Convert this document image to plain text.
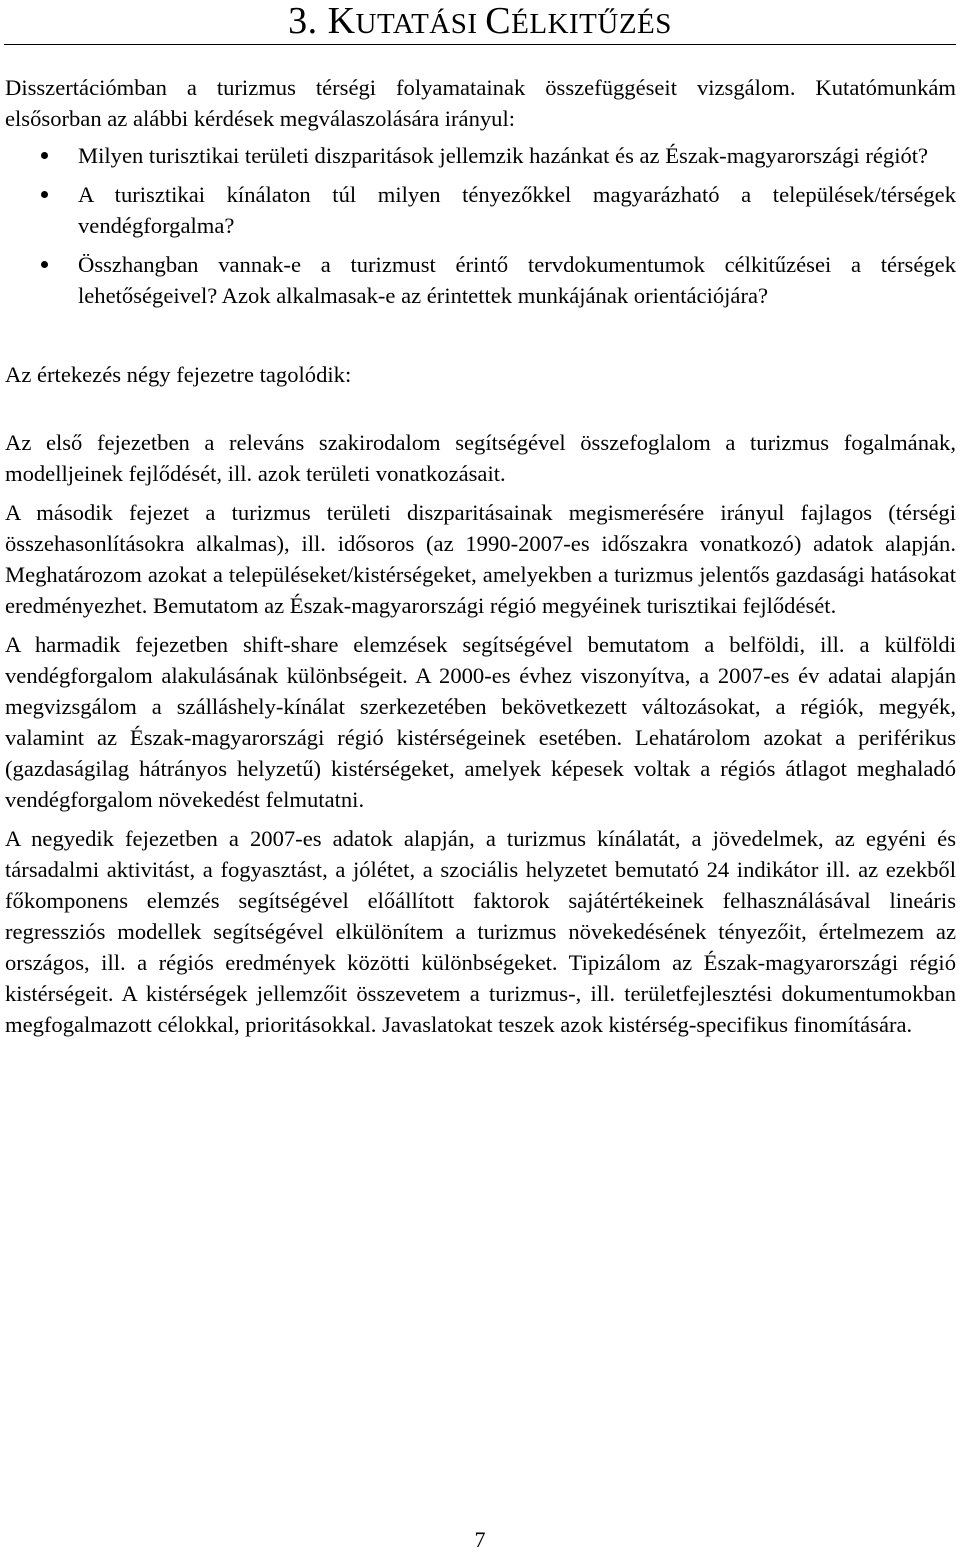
3. KUTATÁSI CÉLKITŰZÉS

Disszertációmban a turizmus térségi folyamatainak összefüggéseit vizsgálom. Kutatómunkám elsősorban az alábbi kérdések megválaszolására irányul:

Milyen turisztikai területi diszparitások jellemzik hazánkat és az Észak-magyarországi régiót?
A turisztikai kínálaton túl milyen tényezőkkel magyarázható a települések/térségek vendégforgalma?
Összhangban vannak-e a turizmust érintő tervdokumentumok célkitűzései a térségek lehetőségeivel? Azok alkalmasak-e az érintettek munkájának orientációjára?

Az értekezés négy fejezetre tagolódik:

Az első fejezetben a releváns szakirodalom segítségével összefoglalom a turizmus fogalmának, modelljeinek fejlődését, ill. azok területi vonatkozásait.

A második fejezet a turizmus területi diszparitásainak megismerésére irányul fajlagos (térségi összehasonlításokra alkalmas), ill. idősoros (az 1990-2007-es időszakra vonatkozó) adatok alapján. Meghatározom azokat a településeket/kistérségeket, amelyekben a turizmus jelentős gazdasági hatásokat eredményezhet. Bemutatom az Észak-magyarországi régió megyéinek turisztikai fejlődését.

A harmadik fejezetben shift-share elemzések segítségével bemutatom a belföldi, ill. a külföldi vendégforgalom alakulásának különbségeit. A 2000-es évhez viszonyítva, a 2007-es év adatai alapján megvizsgálom a szálláshely-kínálat szerkezetében bekövetkezett változásokat, a régiók, megyék, valamint az Észak-magyarországi régió kistérségeinek esetében. Lehatárolom azokat a periférikus (gazdaságilag hátrányos helyzetű) kistérségeket, amelyek képesek voltak a régiós átlagot meghaladó vendégforgalom növekedést felmutatni.

A negyedik fejezetben a 2007-es adatok alapján, a turizmus kínálatát, a jövedelmek, az egyéni és társadalmi aktivitást, a fogyasztást, a jólétet, a szociális helyzetet bemutató 24 indikátor ill. az ezekből főkomponens elemzés segítségével előállított faktorok sajátértékeinek felhasználásával lineáris regressziós modellek segítségével elkülönítem a turizmus növekedésének tényezőit, értelmezem az országos, ill. a régiós eredmények közötti különbségeket. Tipizálom az Észak-magyarországi régió kistérségeit. A kistérségek jellemzőit összevetem a turizmus-, ill. területfejlesztési dokumentumokban megfogalmazott célokkal, prioritásokkal. Javaslatokat teszek azok kistérség-specifikus finomítására.

7
